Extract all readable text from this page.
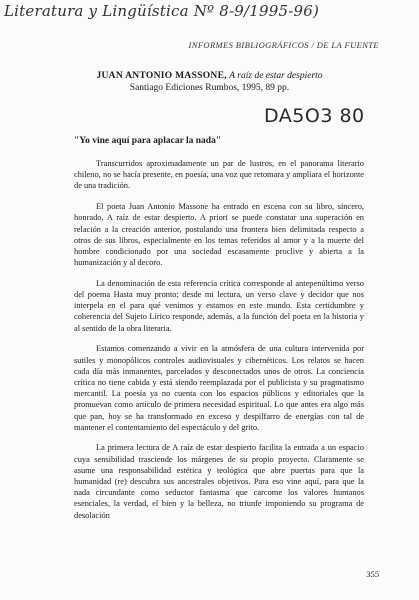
Literatura y Lingüística Nº 8-9/1995-96)
DA5O3 80
INFORMES BIBLIOGRÁFICOS / DE LA FUENTE
JUAN ANTONIO MASSONE, A raíz de estar despierto
Santiago Ediciones Rumbos, 1995, 89 pp.
"Yo vine aquí para aplacar la nada"

Transcurridos aproximadamente un par de lustros, en el panorama literario chileno, no se hacía presente, en poesía, una voz que retomara y ampliara el horizonte de una tradición.

El poeta Juan Antonio Massone ha entrado en escena con su libro, sincero, honrado, A raíz de estar despierto. A priori se puede constatar una superación en relación a la creación anterior, postulando una frontera bien delimitada respecto a otros de sus libros, especialmente en los temas referidos al amor y a la muerte del hombre condicionado por una sociedad escasamente proclive y abierta a la humanización y al decoro.

La denominación de esta referencia crítica corresponde al antepenúltimo verso del poema Hasta muy pronto; desde mi lectura, un verso clave y decidor que nos interpela en el para qué venimos y estamos en este mundo. Esta certidumbre y coherencia del Sujeto Lírico responde, además, a la función del poeta en la historia y al sentido de la obra literaria.

Estamos comenzando a vivir en la atmósfera de una cultura intervenida por sutiles y monopólicos controles audiovisuales y cibernéticos. Los relatos se hacen cada día más inmanentes, parcelados y desconectados unos de otros. La conciencia crítica no tiene cabida y está siendo reemplazada por el publicista y su pragmatismo mercantil. La poesía ya no cuenta con los espacios públicos y editoriales que la promuevan como artículo de primera necesidad espiritual. Lo que antes era algo más que pan, hoy se ha transformado en exceso y despilfarro de energías con tal de mantener el contentamiento del espectáculo y del grito.

La primera lectura de A raíz de estar despierto facilita la entrada a un espacio cuya sensibilidad trasciende los márgenes de su propio proyecto. Claramente se asume una responsabilidad estética y teológica que abre puertas para que la humanidad (re) descubra sus ancestrales objetivos. Para eso vine aquí, para que la nada circundante como seductor fantasma que carcome los valores humanos esenciales, la verdad, el bien y la belleza, no triunfe imponiendo su programa de desolación

355
